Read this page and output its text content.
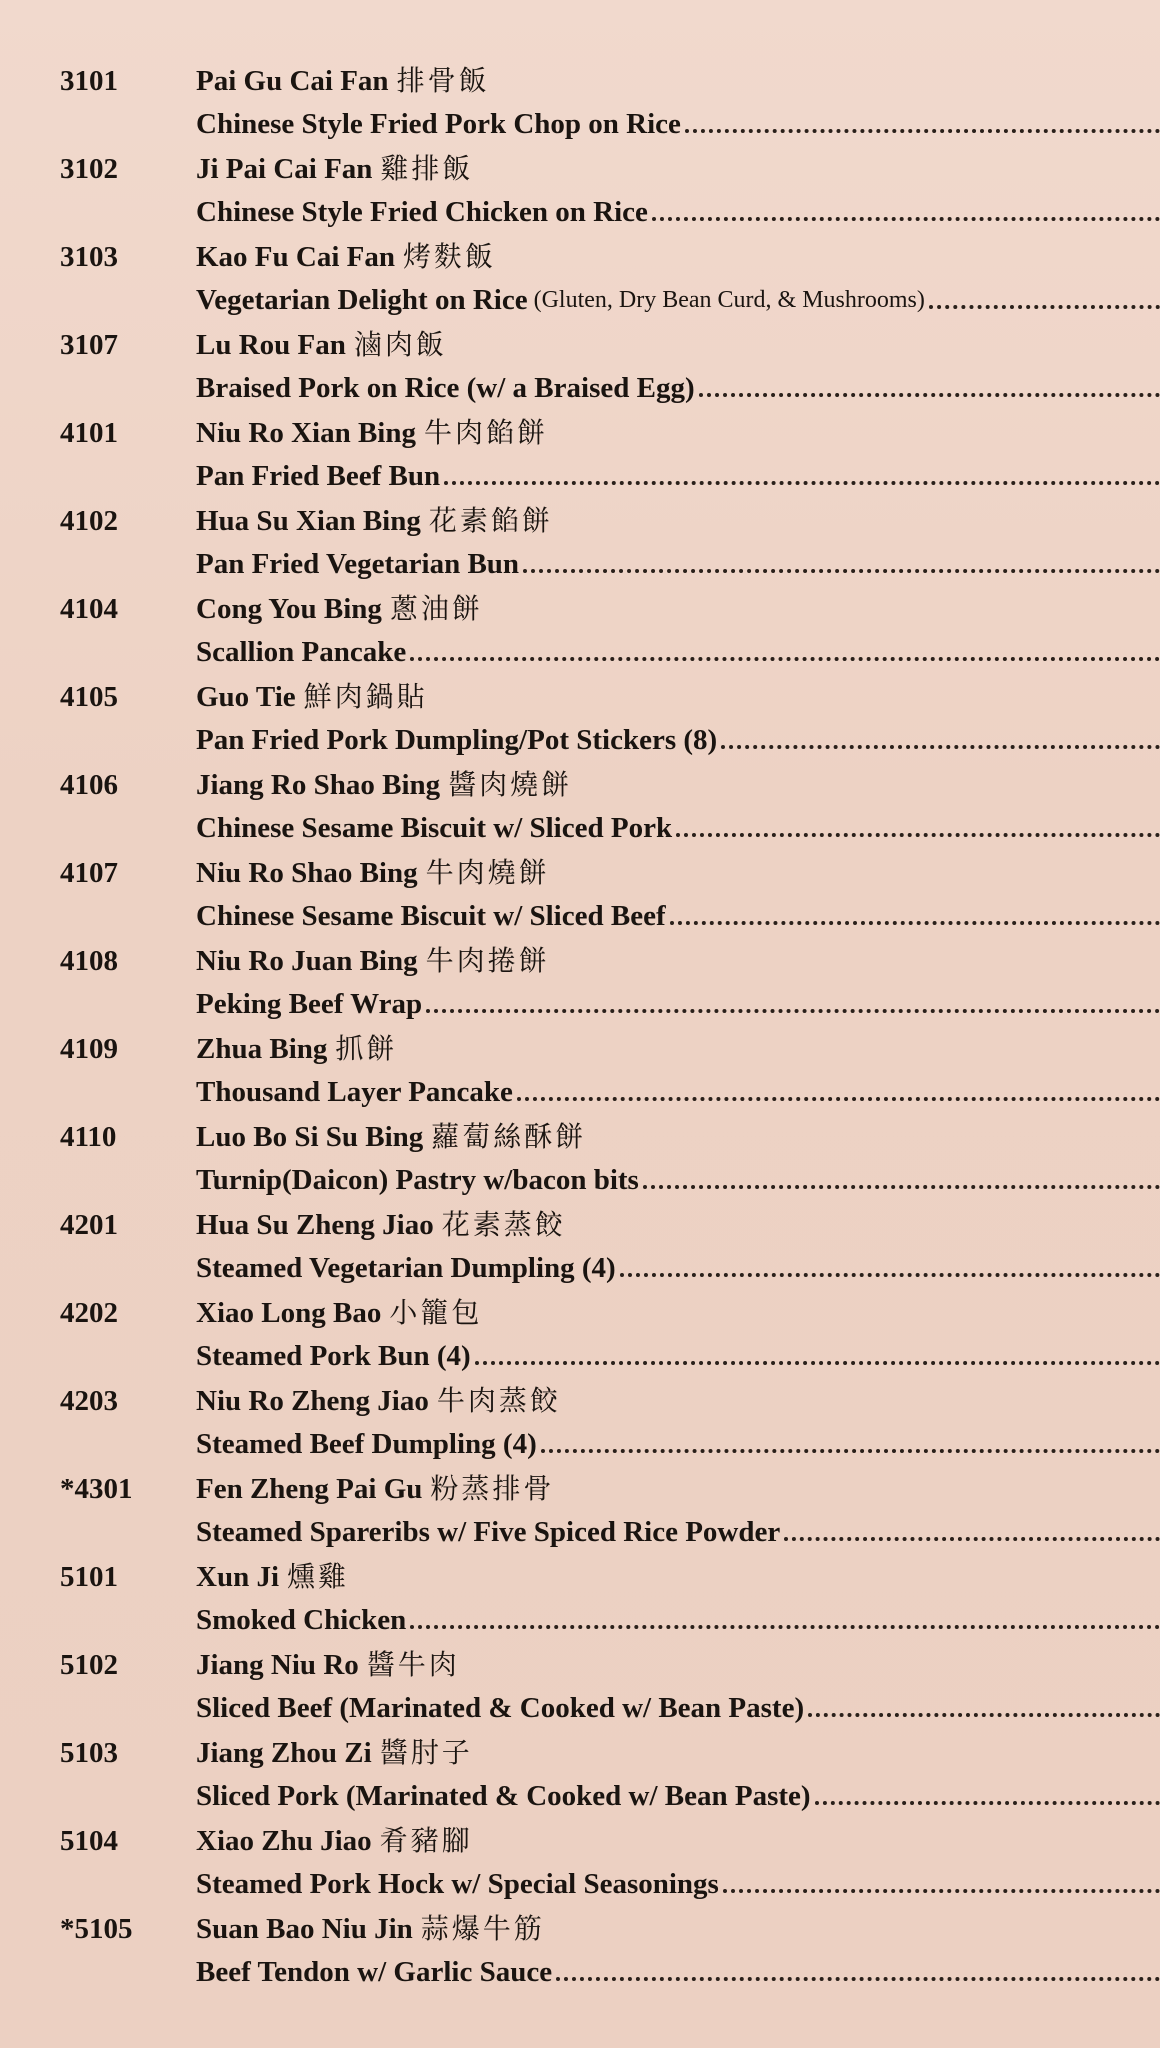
3101	Pai Gu Cai Fan 排骨飯
Chinese Style Fried Pork Chop on Rice
3102	Ji Pai Cai Fan 雞排飯
Chinese Style Fried Chicken on Rice
3103	Kao Fu Cai Fan 烤麩飯
Vegetarian Delight on Rice (Gluten, Dry Bean Curd, & Mushrooms)
3107	Lu Rou Fan 滷肉飯
Braised Pork on Rice (w/ a Braised Egg)
4101	Niu Ro Xian Bing 牛肉餡餅
Pan Fried Beef Bun
4102	Hua Su Xian Bing 花素餡餅
Pan Fried Vegetarian Bun
4104	Cong You Bing 蔥油餅
Scallion Pancake
4105	Guo Tie 鮮肉鍋貼
Pan Fried Pork Dumpling/Pot Stickers (8)
4106	Jiang Ro Shao Bing 醬肉燒餅
Chinese Sesame Biscuit w/ Sliced Pork
4107	Niu Ro Shao Bing 牛肉燒餅
Chinese Sesame Biscuit w/ Sliced Beef
4108	Niu Ro Juan Bing 牛肉捲餅
Peking Beef Wrap
4109	Zhua Bing 抓餅
Thousand Layer Pancake
4110	Luo Bo Si Su Bing 蘿蔔絲酥餅
Turnip(Daicon) Pastry w/bacon bits
4201	Hua Su Zheng Jiao 花素蒸餃
Steamed Vegetarian Dumpling (4)
4202	Xiao Long Bao 小籠包
Steamed Pork Bun (4)
4203	Niu Ro Zheng Jiao 牛肉蒸餃
Steamed Beef Dumpling (4)
*4301	Fen Zheng Pai Gu 粉蒸排骨
Steamed Spareribs w/ Five Spiced Rice Powder
5101	Xun Ji 燻雞
Smoked Chicken
5102	Jiang Niu Ro 醬牛肉
Sliced Beef (Marinated & Cooked w/ Bean Paste)
5103	Jiang Zhou Zi 醬肘子
Sliced Pork (Marinated & Cooked w/ Bean Paste)
5104	Xiao Zhu Jiao 肴豬腳
Steamed Pork Hock w/ Special Seasonings
*5105	Suan Bao Niu Jin 蒜爆牛筋
Beef Tendon w/ Garlic Sauce
